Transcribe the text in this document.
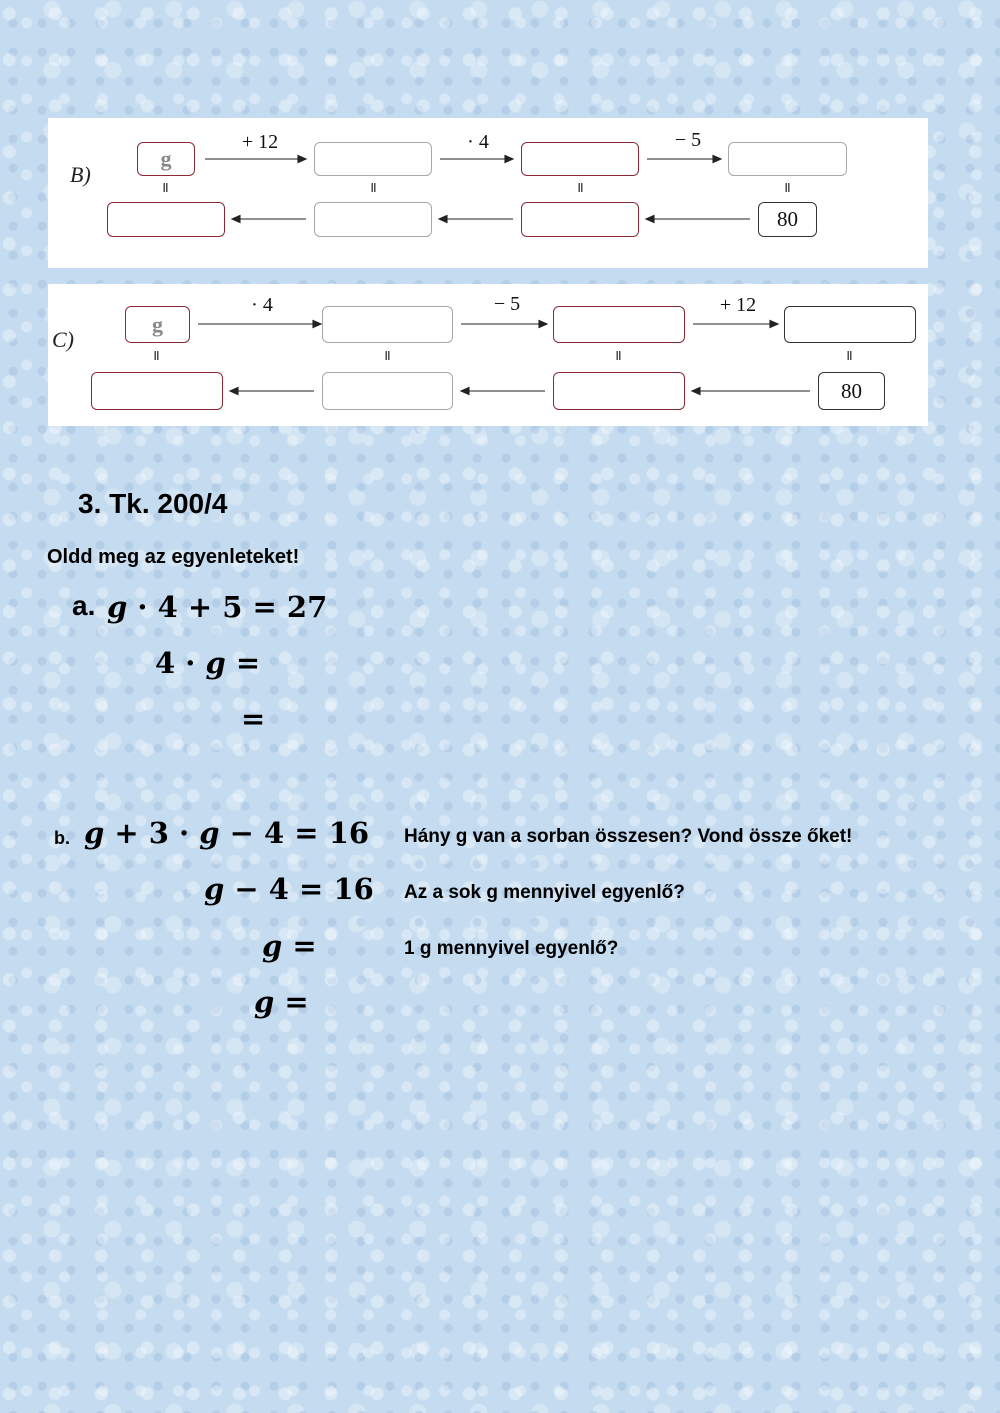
B)
g
+ 12	· 4	− 5
II	II	II	II
80
C)
g
· 4	− 5	+ 12
II	II	II	II
80
3. Tk. 200/4
Oldd meg az egyenleteket!
a. g · 4 + 5 = 27
4 · g =
=
b. g + 3 · g − 4 = 16 Hány g van a sorban összesen? Vond össze őket!
g − 4 = 16 Az a sok g mennyivel egyenlő?
g =	1 g mennyivel egyenlő?
g =
